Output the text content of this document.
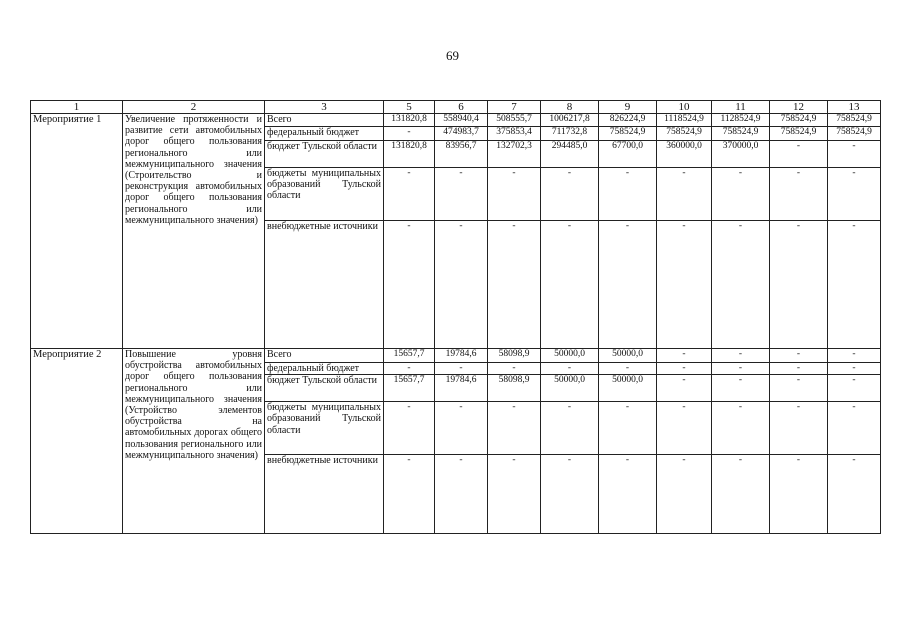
69
1	2	3	5	6	7	8	9	10	11	12	13
Мероприятие 1	Увеличение протяженности и развитие сети автомобильных дорог общего пользования регионального или межмуниципального значения (Строительство и реконструкция автомобильных дорог общего пользования регионального или межмуниципального значения)	Всего	131820,8	558940,4	508555,7	1006217,8	826224,9	1118524,9	1128524,9	758524,9	758524,9
		федеральный бюджет	-	474983,7	375853,4	711732,8	758524,9	758524,9	758524,9	758524,9	758524,9
		бюджет Тульской области	131820,8	83956,7	132702,3	294485,0	67700,0	360000,0	370000,0	-	-
		бюджеты муниципальных образований Тульской области	-	-	-	-	-	-	-	-	-
		внебюджетные источники	-	-	-	-	-	-	-	-	-
Мероприятие 2	Повышение уровня обустройства автомобильных дорог общего пользования регионального или межмуниципального значения (Устройство элементов обустройства на автомобильных дорогах общего пользования регионального или межмуниципального значения)	Всего	15657,7	19784,6	58098,9	50000,0	50000,0	-	-	-	-
		федеральный бюджет	-	-	-	-	-	-	-	-	-
		бюджет Тульской области	15657,7	19784,6	58098,9	50000,0	50000,0	-	-	-	-
		бюджеты муниципальных образований Тульской области	-	-	-	-	-	-	-	-	-
		внебюджетные источники	-	-	-	-	-	-	-	-	-
